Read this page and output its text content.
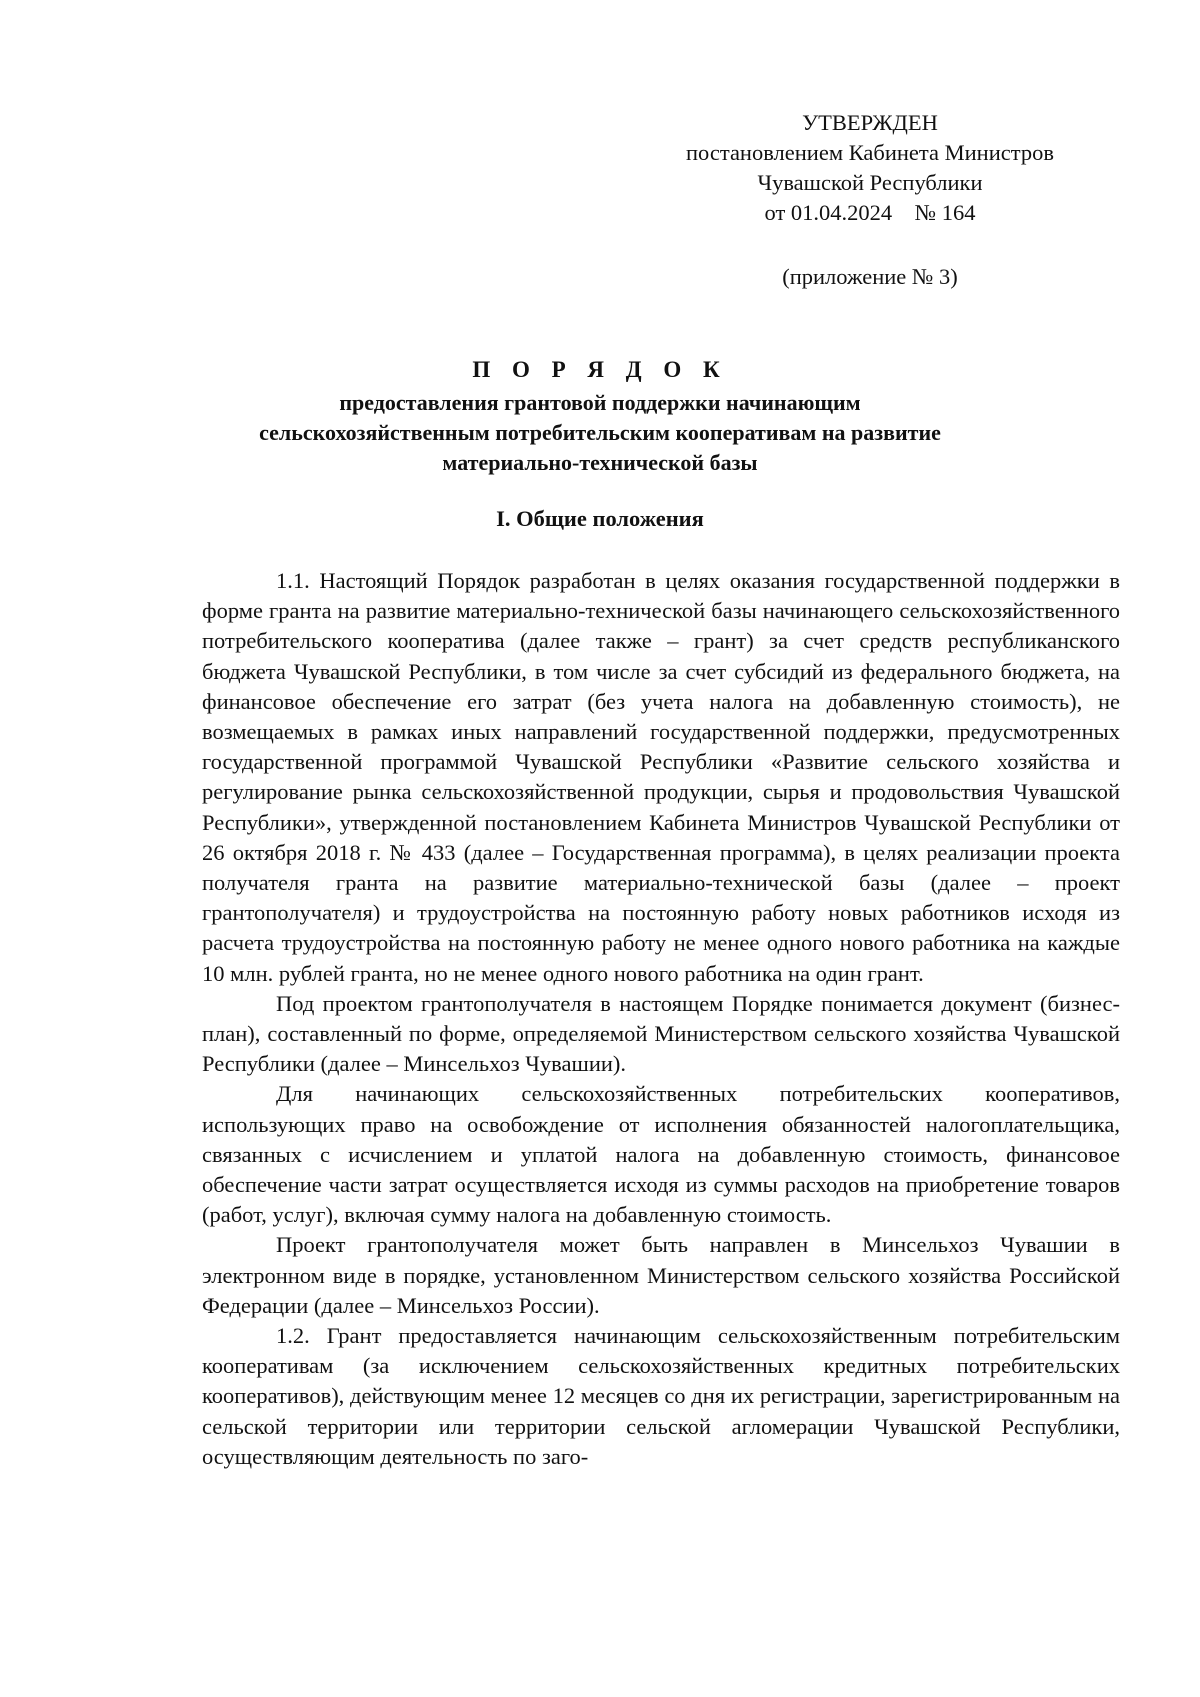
УТВЕРЖДЕН
постановлением Кабинета Министров
Чувашской Республики
от 01.04.2024    № 164
(приложение № 3)
П О Р Я Д О К
предоставления грантовой поддержки начинающим
сельскохозяйственным потребительским кооперативам на развитие
материально-технической базы
I. Общие положения

1.1. Настоящий Порядок разработан в целях оказания государственной поддержки в форме гранта на развитие материально-технической базы начинающего сельскохозяйственного потребительского кооператива (далее также – грант) за счет средств республиканского бюджета Чувашской Республики, в том числе за счет субсидий из федерального бюджета, на финансовое обеспечение его затрат (без учета налога на добавленную стоимость), не возмещаемых в рамках иных направлений государственной поддержки, предусмотренных государственной программой Чувашской Республики «Развитие сельского хозяйства и регулирование рынка сельскохозяйственной продукции, сырья и продовольствия Чувашской Республики», утвержденной постановлением Кабинета Министров Чувашской Республики от 26 октября 2018 г. № 433 (далее – Государственная программа), в целях реализации проекта получателя гранта на развитие материально-технической базы (далее – проект грантополучателя) и трудоустройства на постоянную работу новых работников исходя из расчета трудоустройства на постоянную работу не менее одного нового работника на каждые 10 млн. рублей гранта, но не менее одного нового работника на один грант.

Под проектом грантополучателя в настоящем Порядке понимается документ (бизнес-план), составленный по форме, определяемой Министерством сельского хозяйства Чувашской Республики (далее – Минсельхоз Чувашии).

Для начинающих сельскохозяйственных потребительских кооперативов, использующих право на освобождение от исполнения обязанностей налогоплательщика, связанных с исчислением и уплатой налога на добавленную стоимость, финансовое обеспечение части затрат осуществляется исходя из суммы расходов на приобретение товаров (работ, услуг), включая сумму налога на добавленную стоимость.

Проект грантополучателя может быть направлен в Минсельхоз Чувашии в электронном виде в порядке, установленном Министерством сельского хозяйства Российской Федерации (далее – Минсельхоз России).

1.2. Грант предоставляется начинающим сельскохозяйственным потребительским кооперативам (за исключением сельскохозяйственных кредитных потребительских кооперативов), действующим менее 12 месяцев со дня их регистрации, зарегистрированным на сельской территории или территории сельской агломерации Чувашской Республики, осуществляющим деятельность по заго-
